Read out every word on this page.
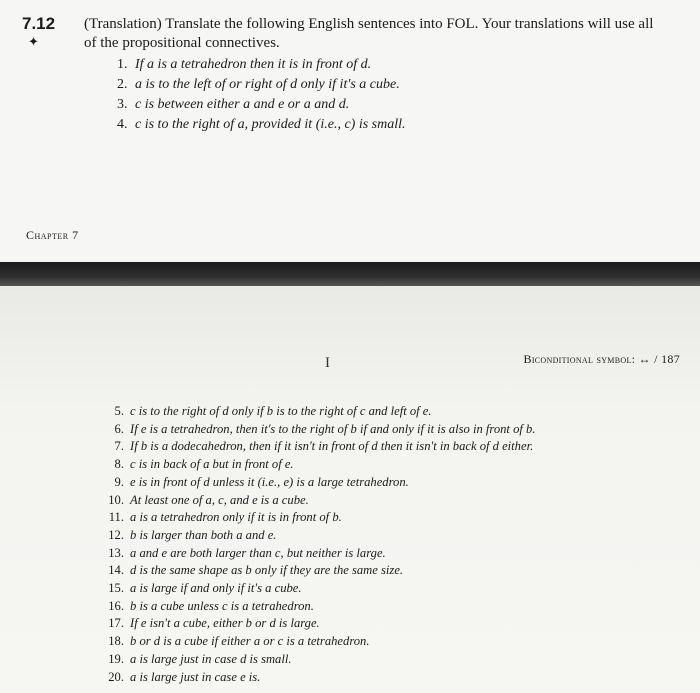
7.12
✦
(Translation) Translate the following English sentences into FOL. Your translations will use all
of the propositional connectives.
1. If a is a tetrahedron then it is in front of d.
2. a is to the left of or right of d only if it's a cube.
3. c is between either a and e or a and d.
4. c is to the right of a, provided it (i.e., c) is small.
Chapter 7
I	Biconditional symbol: ↔ / 187
5. c is to the right of d only if b is to the right of c and left of e.
6. If e is a tetrahedron, then it's to the right of b if and only if it is also in front of b.
7. If b is a dodecahedron, then if it isn't in front of d then it isn't in back of d either.
8. c is in back of a but in front of e.
9. e is in front of d unless it (i.e., e) is a large tetrahedron.
10. At least one of a, c, and e is a cube.
11. a is a tetrahedron only if it is in front of b.
12. b is larger than both a and e.
13. a and e are both larger than c, but neither is large.
14. d is the same shape as b only if they are the same size.
15. a is large if and only if it's a cube.
16. b is a cube unless c is a tetrahedron.
17. If e isn't a cube, either b or d is large.
18. b or d is a cube if either a or c is a tetrahedron.
19. a is large just in case d is small.
20. a is large just in case e is.
